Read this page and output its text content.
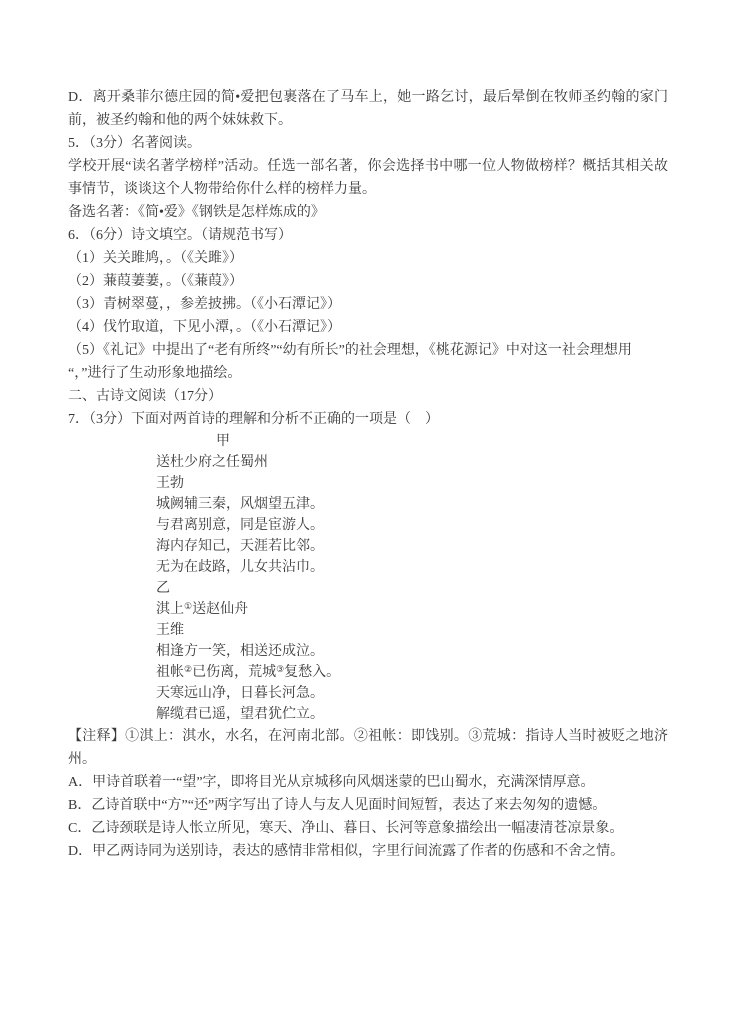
D．离开桑菲尔德庄园的简•爱把包裹落在了马车上，她一路乞讨，最后晕倒在牧师圣约翰的家门前，被圣约翰和他的两个妹妹救下。

5．（3分）名著阅读。

学校开展“读名著学榜样”活动。任选一部名著，你会选择书中哪一位人物做榜样？概括其相关故事情节，谈谈这个人物带给你什么样的榜样力量。

备选名著：《简•爱》《钢铁是怎样炼成的》

6．（6分）诗文填空。（请规范书写）

（1）关关雎鸠，。（《关雎》）

（2）蒹葭萋萋，。（《蒹葭》）

（3）青树翠蔓，，参差披拂。（《小石潭记》）

（4）伐竹取道，下见小潭，。（《小石潭记》）

（5）《礼记》中提出了“老有所终”“幼有所长”的社会理想，《桃花源记》中对这一社会理想用

“，”进行了生动形象地描绘。

二、古诗文阅读（17分）

7．（3分）下面对两首诗的理解和分析不正确的一项是（　）

甲

送杜少府之任蜀州

王勃

城阙辅三秦，风烟望五津。

与君离别意，同是宦游人。

海内存知己，天涯若比邻。

无为在歧路，儿女共沾巾。

乙

淇上①送赵仙舟

王维

相逢方一笑，相送还成泣。

祖帐②已伤离，荒城③复愁入。

天寒远山净，日暮长河急。

解缆君已遥，望君犹伫立。

【注释】①淇上：淇水，水名，在河南北部。②祖帐：即饯别。③荒城：指诗人当时被贬之地济州。

A．甲诗首联着一“望”字，即将目光从京城移向风烟迷蒙的巴山蜀水，充满深情厚意。

B．乙诗首联中“方”“还”两字写出了诗人与友人见面时间短暂，表达了来去匆匆的遗憾。

C．乙诗颈联是诗人怅立所见，寒天、净山、暮日、长河等意象描绘出一幅凄清苍凉景象。

D．甲乙两诗同为送别诗，表达的感情非常相似，字里行间流露了作者的伤感和不舍之情。
